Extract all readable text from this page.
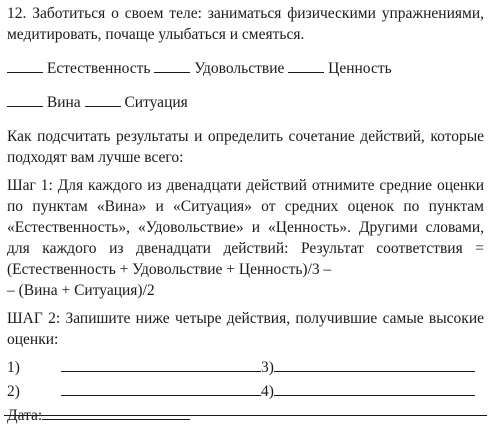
12. Заботиться о своем теле: заниматься физическими упражнениями, медитировать, почаще улыбаться и смеяться.

Естественность	Удовольствие	Ценность

Вина	Ситуация

Как подсчитать результаты и определить сочетание действий, которые подходят вам лучше всего:

Шаг 1: Для каждого из двенадцати действий отнимите средние оценки по пунктам «Вина» и «Ситуация» от средних оценок по пунктам «Естественность», «Удовольствие» и «Ценность». Другими словами, для каждого из двенадцати действий: Результат соответствия = (Естественность + Удовольствие + Ценность)/3 –

– (Вина + Ситуация)/2

ШАГ 2: Запишите ниже четыре действия, получившие самые высокие оценки:

1)	3)
2)	4)
Дата:
